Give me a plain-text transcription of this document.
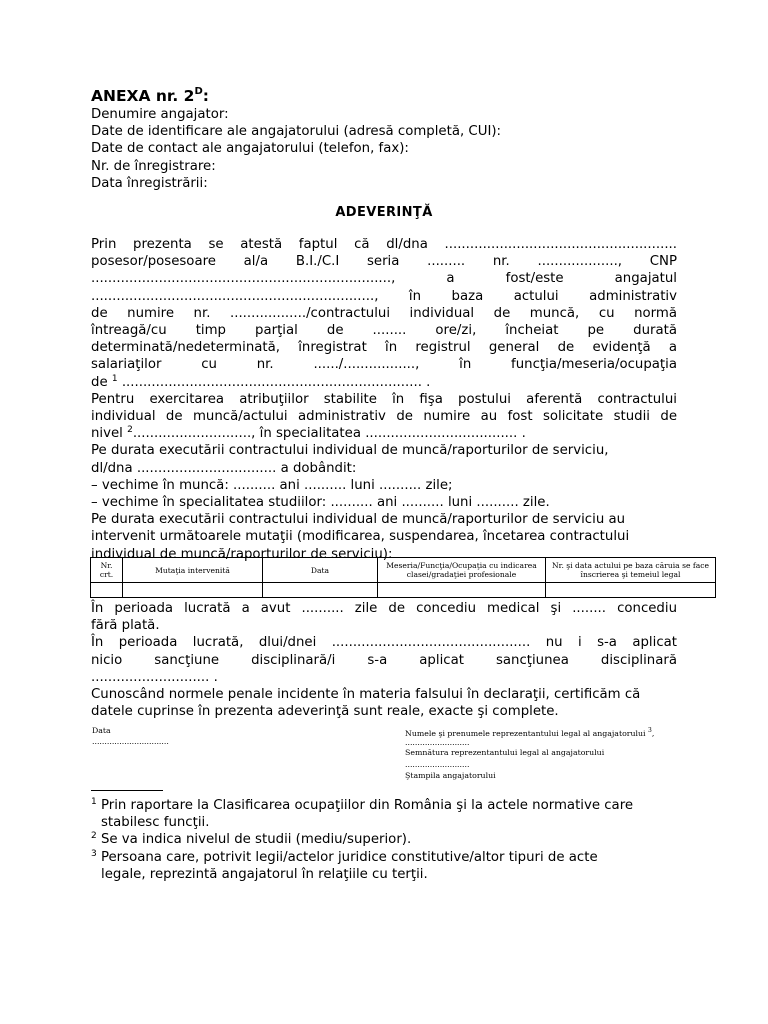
ANEXA nr. $2^D$:
Denumire angajator:
Date de identificare ale angajatorului (adresă completă, CUI):
Date de contact ale angajatorului (telefon, fax):
Nr. de înregistrare:
Data înregistrării:
ADEVERINŢĂ
Prin prezenta se atestă faptul că dl/dna .......................................................
posesor/posesoare al/a B.I./C.I seria ......... nr. ..................., CNP
......................................................................., a fost/este angajatul
..................................................................., în baza actului administrativ
de numire nr. ................../contractului individual de muncă, cu normă
întreagă/cu timp parţial de ........ ore/zi, încheiat pe durată
determinată/nedeterminată, înregistrat în registrul general de evidenţă a
salariaţilor cu nr. ....../................., în funcţia/meseria/ocupaţia
de $^1$ ....................................................................... .
Pentru exercitarea atribuţiilor stabilite în fişa postului aferentă contractului
individual de muncă/actului administrativ de numire au fost solicitate studii de
nivel $^2$............................, în specialitatea .................................... .
Pe durata executării contractului individual de muncă/raporturilor de serviciu,
dl/dna ................................. a dobândit:
– vechime în muncă: .......... ani .......... luni .......... zile;
– vechime în specialitatea studiilor: .......... ani .......... luni .......... zile.
Pe durata executării contractului individual de muncă/raporturilor de serviciu au
intervenit următoarele mutaţii (modificarea, suspendarea, încetarea contractului
individual de muncă/raporturilor de serviciu):
Nr. crt.	Mutaţia intervenită	Data	Meseria/Funcţia/Ocupaţia cu indicarea clasei/gradaţiei profesionale	Nr. şi data actului pe baza căruia se face înscrierea şi temeiul legal

În perioada lucrată a avut .......... zile de concediu medical şi ........ concediu
fără plată.
În perioada lucrată, dlui/dnei ............................................... nu i s-a aplicat
nicio sancţiune disciplinară/i s-a aplicat sancţiunea disciplinară
............................ .
Cunoscând normele penale incidente în materia falsului în declaraţii, certificăm că
datele cuprinse în prezenta adeverinţă sunt reale, exacte şi complete.
Data
...............................
Numele şi prenumele reprezentantului legal al angajatorului $^3$,
..........................
Semnătura reprezentantului legal al angajatorului
..........................
Ştampila angajatorului
$^1$ Prin raportare la Clasificarea ocupaţiilor din România şi la actele normative care
stabilesc funcţii.
$^2$ Se va indica nivelul de studii (mediu/superior).
$^3$ Persoana care, potrivit legii/actelor juridice constitutive/altor tipuri de acte
legale, reprezintă angajatorul în relaţiile cu terţii.
